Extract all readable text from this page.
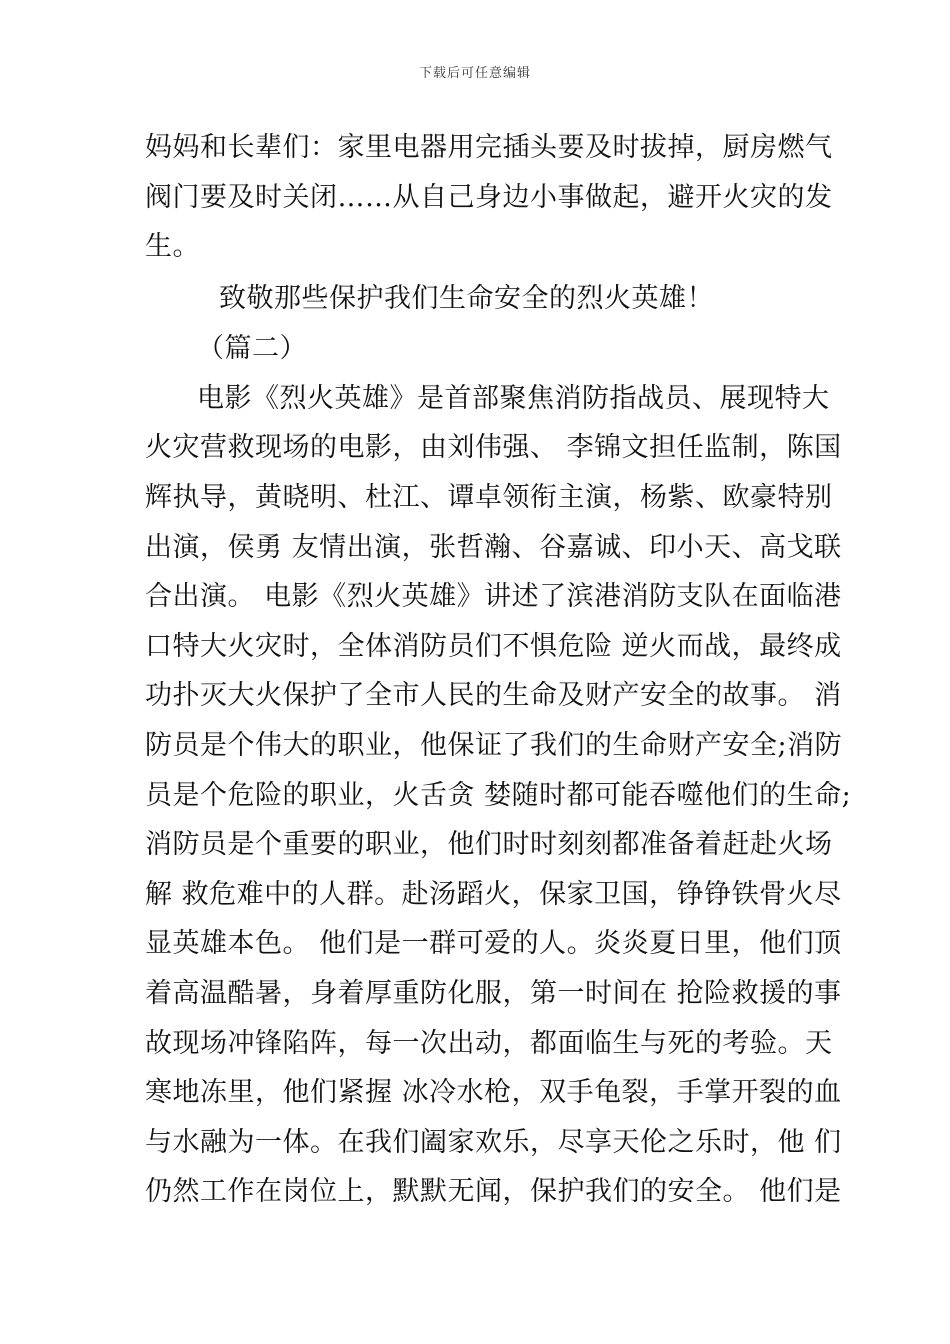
下载后可任意编辑
妈妈和长辈们：家里电器用完插头要及时拔掉，厨房燃气
阀门要及时关闭……从自己身边小事做起，避开火灾的发
生。
致敬那些保护我们生命安全的烈火英雄！
（篇二）
电影《烈火英雄》是首部聚焦消防指战员、展现特大
火灾营救现场的电影，由刘伟强、 李锦文担任监制，陈国
辉执导，黄晓明、杜江、谭卓领衔主演，杨紫、欧豪特别
出演，侯勇 友情出演，张哲瀚、谷嘉诚、印小天、高戈联
合出演。 电影《烈火英雄》讲述了滨港消防支队在面临港
口特大火灾时，全体消防员们不惧危险 逆火而战，最终成
功扑灭大火保护了全市人民的生命及财产安全的故事。 消
防员是个伟大的职业，他保证了我们的生命财产安全;消防
员是个危险的职业，火舌贪 婪随时都可能吞噬他们的生命;
消防员是个重要的职业，他们时时刻刻都准备着赶赴火场
解 救危难中的人群。赴汤蹈火，保家卫国，铮铮铁骨火尽
显英雄本色。 他们是一群可爱的人。炎炎夏日里，他们顶
着高温酷暑，身着厚重防化服，第一时间在 抢险救援的事
故现场冲锋陷阵，每一次出动，都面临生与死的考验。天
寒地冻里，他们紧握 冰冷水枪，双手龟裂，手掌开裂的血
与水融为一体。在我们阖家欢乐，尽享天伦之乐时，他 们
仍然工作在岗位上，默默无闻，保护我们的安全。 他们是
